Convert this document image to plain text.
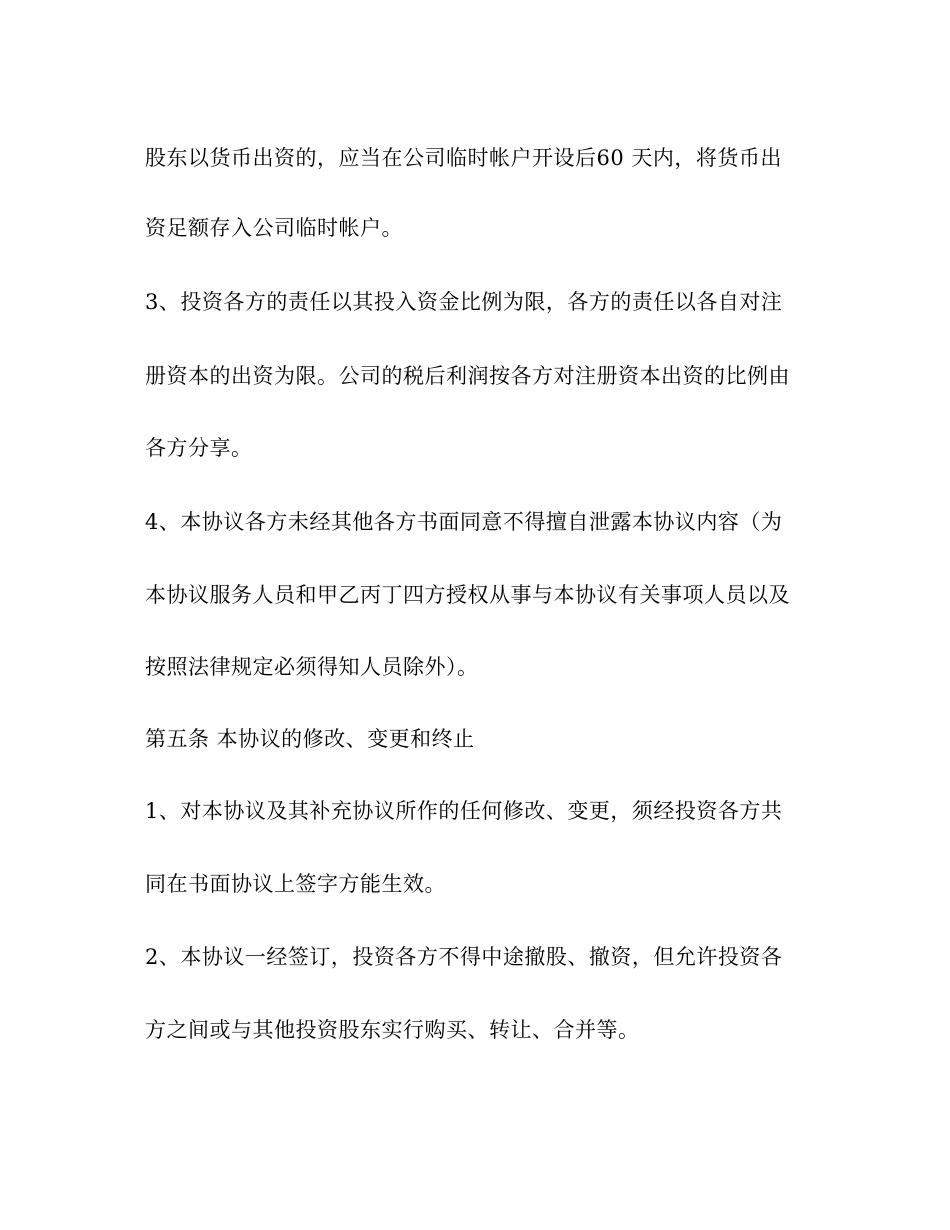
股东以货币出资的，应当在公司临时帐户开设后60 天内，将货币出
资足额存入公司临时帐户。
3、投资各方的责任以其投入资金比例为限，各方的责任以各自对注
册资本的出资为限。公司的税后利润按各方对注册资本出资的比例由
各方分享。
4、本协议各方未经其他各方书面同意不得擅自泄露本协议内容（为
本协议服务人员和甲乙丙丁四方授权从事与本协议有关事项人员以及
按照法律规定必须得知人员除外）。
第五条 本协议的修改、变更和终止
1、对本协议及其补充协议所作的任何修改、变更，须经投资各方共
同在书面协议上签字方能生效。
2、本协议一经签订，投资各方不得中途撤股、撤资，但允许投资各
方之间或与其他投资股东实行购买、转让、合并等。
